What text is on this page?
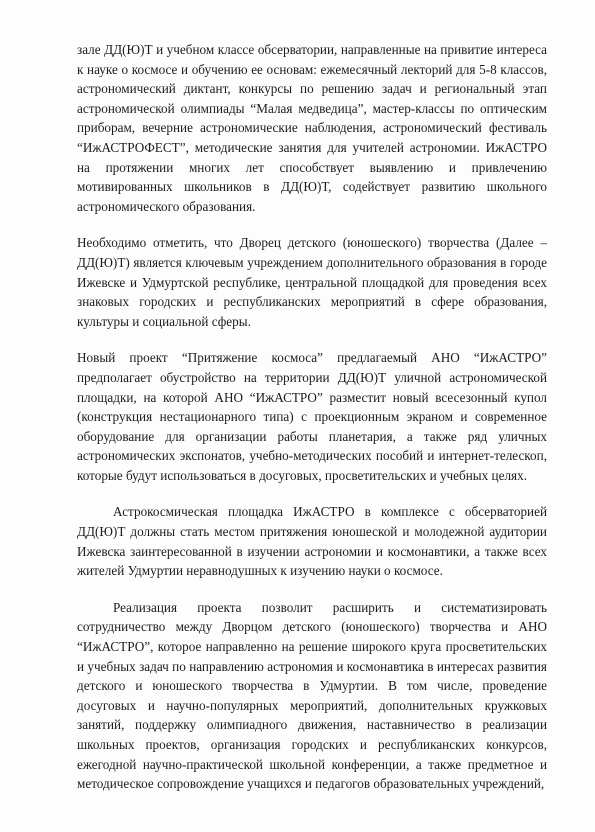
зале ДД(Ю)Т и учебном классе обсерватории, направленные на привитие интереса к науке о космосе и обучению ее основам: ежемесячный лекторий для 5-8 классов, астрономический диктант, конкурсы по решению задач и региональный этап астрономической олимпиады “Малая медведица”, мастер-классы по оптическим приборам, вечерние астрономические наблюдения, астрономический фестиваль “ИжАСТРОФЕСТ”, методические занятия для учителей астрономии. ИжАСТРО на протяжении многих лет способствует выявлению и привлечению мотивированных школьников в ДД(Ю)Т, содействует развитию школьного астрономического образования.

Необходимо отметить, что Дворец детского (юношеского) творчества (Далее – ДД(Ю)Т) является ключевым учреждением дополнительного образования в городе Ижевске и Удмуртской республике, центральной площадкой для проведения всех знаковых городских и республиканских мероприятий в сфере образования, культуры и социальной сферы.

Новый проект “Притяжение космоса” предлагаемый АНО “ИжАСТРО” предполагает обустройство на территории ДД(Ю)Т уличной астрономической площадки, на которой АНО “ИжАСТРО” разместит новый всесезонный купол (конструкция нестационарного типа) с проекционным экраном и современное оборудование для организации работы планетария, а также ряд уличных астрономических экспонатов, учебно-методических пособий и интернет-телескоп, которые будут использоваться в досуговых, просветительских и учебных целях.

Астрокосмическая площадка ИжАСТРО в комплексе с обсерваторией ДД(Ю)Т должны стать местом притяжения юношеской и молодежной аудитории Ижевска заинтересованной в изучении астрономии и космонавтики, а также всех жителей Удмуртии неравнодушных к изучению науки о космосе.

Реализация проекта позволит расширить и систематизировать сотрудничество между Дворцом детского (юношеского) творчества и АНО “ИжАСТРО”, которое направленно на решение широкого круга просветительских и учебных задач по направлению астрономия и космонавтика в интересах развития детского и юношеского творчества в Удмуртии. В том числе, проведение досуговых и научно-популярных мероприятий, дополнительных кружковых занятий, поддержку олимпиадного движения, наставничество в реализации школьных проектов, организация городских и республиканских конкурсов, ежегодной научно-практической школьной конференции, а также предметное и методическое сопровождение учащихся и педагогов образовательных учреждений,
